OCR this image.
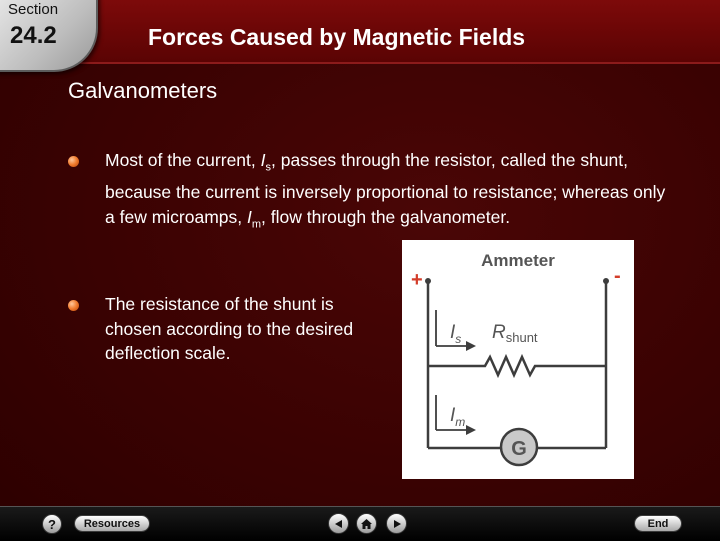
Section
24.2	Forces Caused by Magnetic Fields
Galvanometers
Most of the current, $I_s$, passes through the resistor, called the shunt, because the current is inversely proportional to resistance; whereas only a few microamps, $I_m$, flow through the galvanometer.
The resistance of the shunt is chosen according to the desired deflection scale.
Ammeter
+	-
G
$I_s$ $R_{shunt}$
$I_m$
?	Resources	End
